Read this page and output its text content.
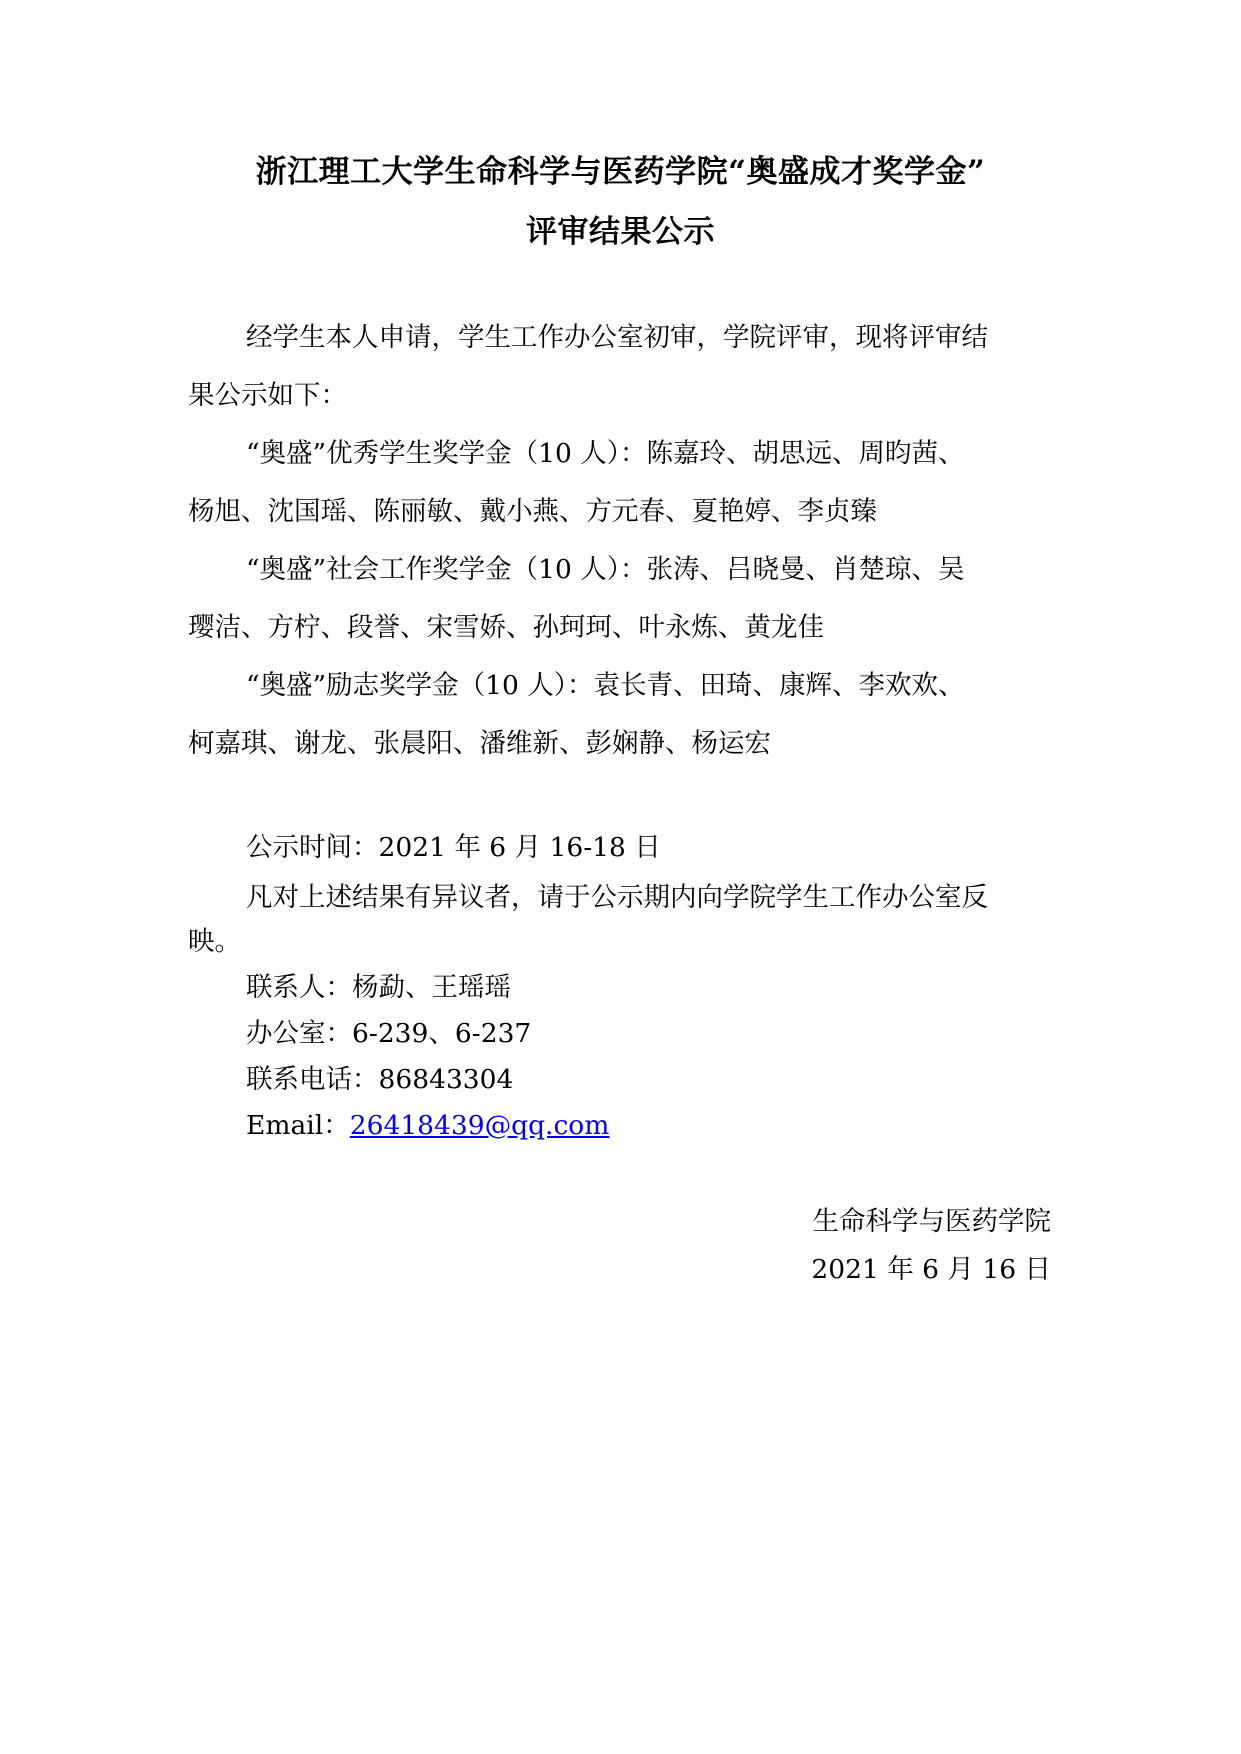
浙江理工大学生命科学与医药学院“奥盛成才奖学金”
评审结果公示
经学生本人申请，学生工作办公室初审，学院评审，现将评审结
果公示如下：
“奥盛”优秀学生奖学金（10 人）：陈嘉玲、胡思远、周昀茜、
杨旭、沈国瑶、陈丽敏、戴小燕、方元春、夏艳婷、李贞臻
“奥盛”社会工作奖学金（10 人）：张涛、吕晓曼、肖楚琼、吴
璎洁、方柠、段誉、宋雪娇、孙珂珂、叶永炼、黄龙佳
“奥盛”励志奖学金（10 人）：袁长青、田琦、康辉、李欢欢、
柯嘉琪、谢龙、张晨阳、潘维新、彭娴静、杨运宏
公示时间：2021 年 6 月 16-18 日
凡对上述结果有异议者，请于公示期内向学院学生工作办公室反
映。
联系人：杨勐、王瑶瑶
办公室：6-239、6-237
联系电话：86843304
Email：26418439@qq.com
生命科学与医药学院
2021 年 6 月 16 日
